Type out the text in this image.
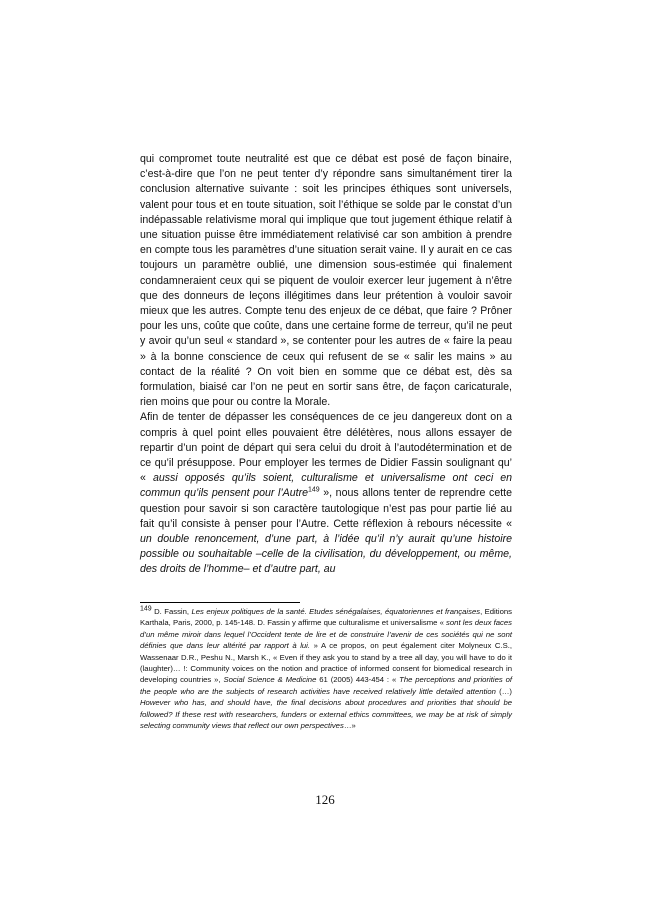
qui compromet toute neutralité est que ce débat est posé de façon binaire, c’est-à-dire que l’on ne peut tenter d’y répondre sans simultanément tirer la conclusion alternative suivante : soit les principes éthiques sont universels, valent pour tous et en toute situation, soit l’éthique se solde par le constat d’un indépassable relativisme moral qui implique que tout jugement éthique relatif à une situation puisse être immédiatement relativisé car son ambition à prendre en compte tous les paramètres d’une situation serait vaine. Il y aurait en ce cas toujours un paramètre oublié, une dimension sous-estimée qui finalement condamneraient ceux qui se piquent de vouloir exercer leur jugement à n’être que des donneurs de leçons illégitimes dans leur prétention à vouloir savoir mieux que les autres. Compte tenu des enjeux de ce débat, que faire ? Prôner pour les uns, coûte que coûte, dans une certaine forme de terreur, qu’il ne peut y avoir qu’un seul « standard », se contenter pour les autres de « faire la peau » à la bonne conscience de ceux qui refusent de se « salir les mains » au contact de la réalité ? On voit bien en somme que ce débat est, dès sa formulation, biaisé car l’on ne peut en sortir sans être, de façon caricaturale, rien moins que pour ou contre la Morale.

Afin de tenter de dépasser les conséquences de ce jeu dangereux dont on a compris à quel point elles pouvaient être délétères, nous allons essayer de repartir d’un point de départ qui sera celui du droit à l’autodétermination et de ce qu’il présuppose. Pour employer les termes de Didier Fassin soulignant qu’ « aussi opposés qu’ils soient, culturalisme et universalisme ont ceci en commun qu’ils pensent pour l’Autre$^{149}$ », nous allons tenter de reprendre cette question pour savoir si son caractère tautologique n’est pas pour partie lié au fait qu’il consiste à penser pour l’Autre. Cette réflexion à rebours nécessite « un double renoncement, d’une part, à l’idée qu’il n’y aurait qu’une histoire possible ou souhaitable –celle de la civilisation, du développement, ou même, des droits de l’homme– et d’autre part, au

$^{149}$ D. Fassin, Les enjeux politiques de la santé. Etudes sénégalaises, équatoriennes et françaises, Editions Karthala, Paris, 2000, p. 145-148. D. Fassin y affirme que culturalisme et universalisme « sont les deux faces d’un même miroir dans lequel l’Occident tente de lire et de construire l’avenir de ces sociétés qui ne sont définies que dans leur altérité par rapport à lui. » A ce propos, on peut également citer Molyneux C.S., Wassenaar D.R., Peshu N., Marsh K., « Even if they ask you to stand by a tree all day, you will have to do it (laughter)… !: Community voices on the notion and practice of informed consent for biomedical research in developing countries », Social Science & Medicine 61 (2005) 443-454 : « The perceptions and priorities of the people who are the subjects of research activities have received relatively little detailed attention (…) However who has, and should have, the final decisions about procedures and priorities that should be followed? If these rest with researchers, funders or external ethics committees, we may be at risk of simply selecting community views that reflect our own perspectives…»

126
